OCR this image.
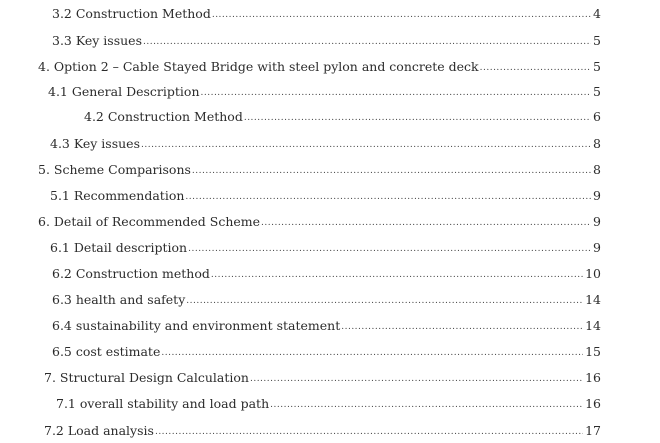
3.2 Construction Method .....	4
3.3 Key issues .....	5
4. Option 2 – Cable Stayed Bridge with steel pylon and concrete deck .....	5
4.1 General Description .....	5
4.2 Construction Method .....	6
4.3 Key issues .....	8
5. Scheme Comparisons .....	8
5.1 Recommendation .....	9
6. Detail of Recommended Scheme .....	9
6.1 Detail description .....	9
6.2 Construction method .....	10
6.3 health and safety .....	14
6.4 sustainability and environment statement .....	14
6.5 cost estimate .....	15
7. Structural Design Calculation .....	16
7.1 overall stability and load path .....	16
7.2 Load analysis .....	17
